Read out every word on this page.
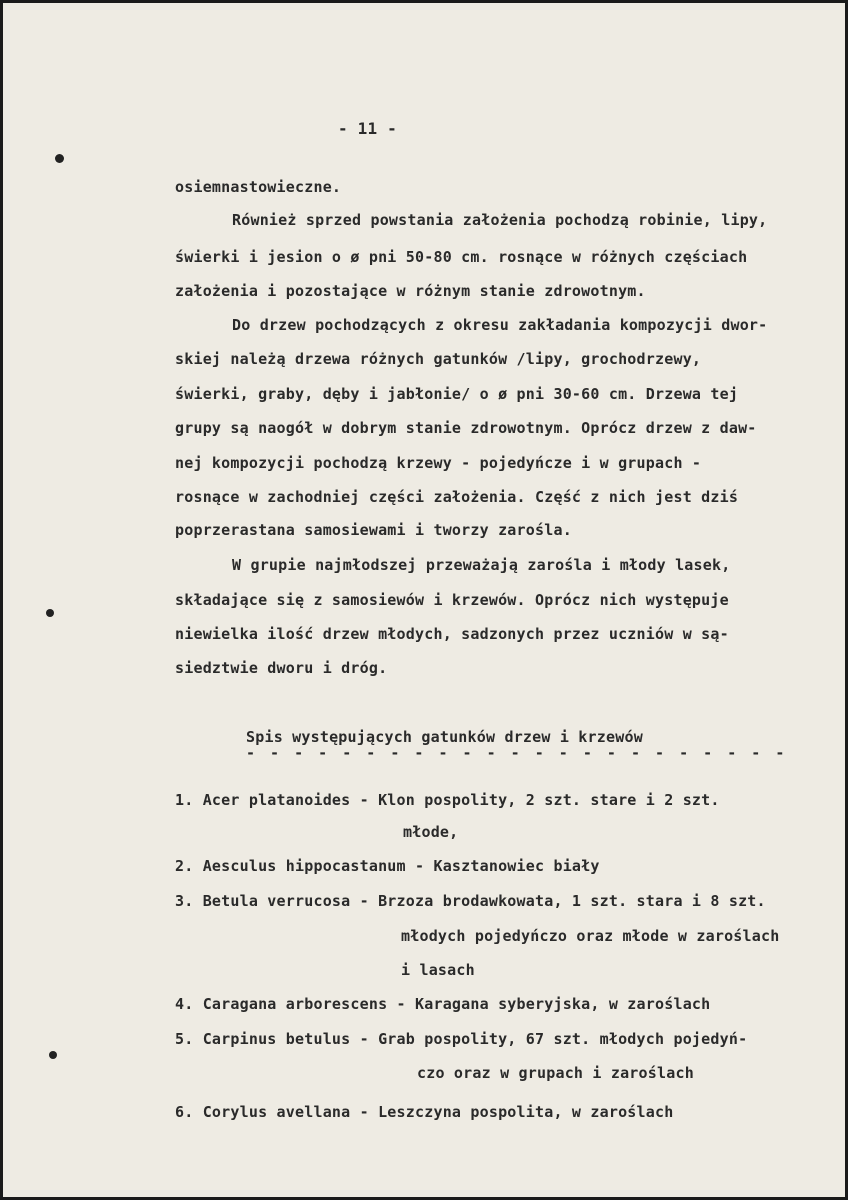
- 11 -
osiemnastowieczne.
Również sprzed powstania założenia pochodzą robinie, lipy,
świerki i jesion o ø pni 50-80 cm. rosnące w różnych częściach
założenia i pozostające w różnym stanie zdrowotnym.
Do drzew pochodzących z okresu zakładania kompozycji dwor-
skiej należą drzewa różnych gatunków /lipy, grochodrzewy,
świerki, graby, dęby i jabłonie/ o ø pni 30-60 cm. Drzewa tej
grupy są naogół w dobrym stanie zdrowotnym. Oprócz drzew z daw-
nej kompozycji pochodzą krzewy - pojedyńcze i w grupach -
rosnące w zachodniej części założenia. Część z nich jest dziś
poprzerastana samosiewami i tworzy zarośla.
W grupie najmłodszej przeważają zarośla i młody lasek,
składające się z samosiewów i krzewów. Oprócz nich występuje
niewielka ilość drzew młodych, sadzonych przez uczniów w są-
siedztwie dworu i dróg.
Spis występujących gatunków drzew i krzewów
- - - - - - - - - - - - - - - - - - - - - - -
1. Acer platanoides - Klon pospolity, 2 szt. stare i 2 szt.
młode,
2. Aesculus hippocastanum - Kasztanowiec biały
3. Betula verrucosa - Brzoza brodawkowata, 1 szt. stara i 8 szt.
młodych pojedyńczo oraz młode w zaroślach
i lasach
4. Caragana arborescens - Karagana syberyjska, w zaroślach
5. Carpinus betulus - Grab pospolity, 67 szt. młodych pojedyń-
czo oraz w grupach i zaroślach
6. Corylus avellana - Leszczyna pospolita, w zaroślach
